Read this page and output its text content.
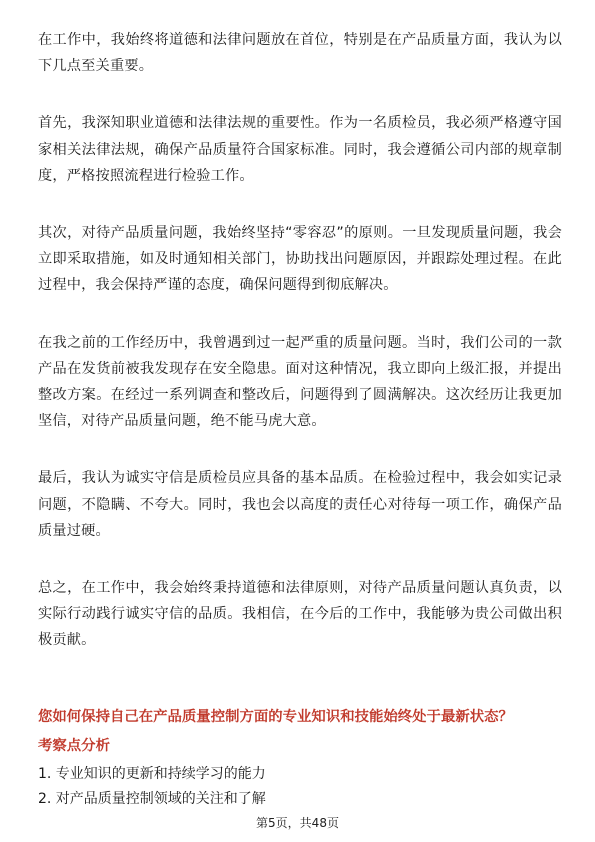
在工作中，我始终将道德和法律问题放在首位，特别是在产品质量方面，我认为以下几点至关重要。

首先，我深知职业道德和法律法规的重要性。作为一名质检员，我必须严格遵守国家相关法律法规，确保产品质量符合国家标准。同时，我会遵循公司内部的规章制度，严格按照流程进行检验工作。

其次，对待产品质量问题，我始终坚持“零容忍”的原则。一旦发现质量问题，我会立即采取措施，如及时通知相关部门，协助找出问题原因，并跟踪处理过程。在此过程中，我会保持严谨的态度，确保问题得到彻底解决。

在我之前的工作经历中，我曾遇到过一起严重的质量问题。当时，我们公司的一款产品在发货前被我发现存在安全隐患。面对这种情况，我立即向上级汇报，并提出整改方案。在经过一系列调查和整改后，问题得到了圆满解决。这次经历让我更加坚信，对待产品质量问题，绝不能马虎大意。

最后，我认为诚实守信是质检员应具备的基本品质。在检验过程中，我会如实记录问题，不隐瞒、不夸大。同时，我也会以高度的责任心对待每一项工作，确保产品质量过硬。

总之，在工作中，我会始终秉持道德和法律原则，对待产品质量问题认真负责，以实际行动践行诚实守信的品质。我相信，在今后的工作中，我能够为贵公司做出积极贡献。

您如何保持自己在产品质量控制方面的专业知识和技能始终处于最新状态？

考察点分析

1. 专业知识的更新和持续学习的能力
2. 对产品质量控制领域的关注和了解
第5页，共48页
